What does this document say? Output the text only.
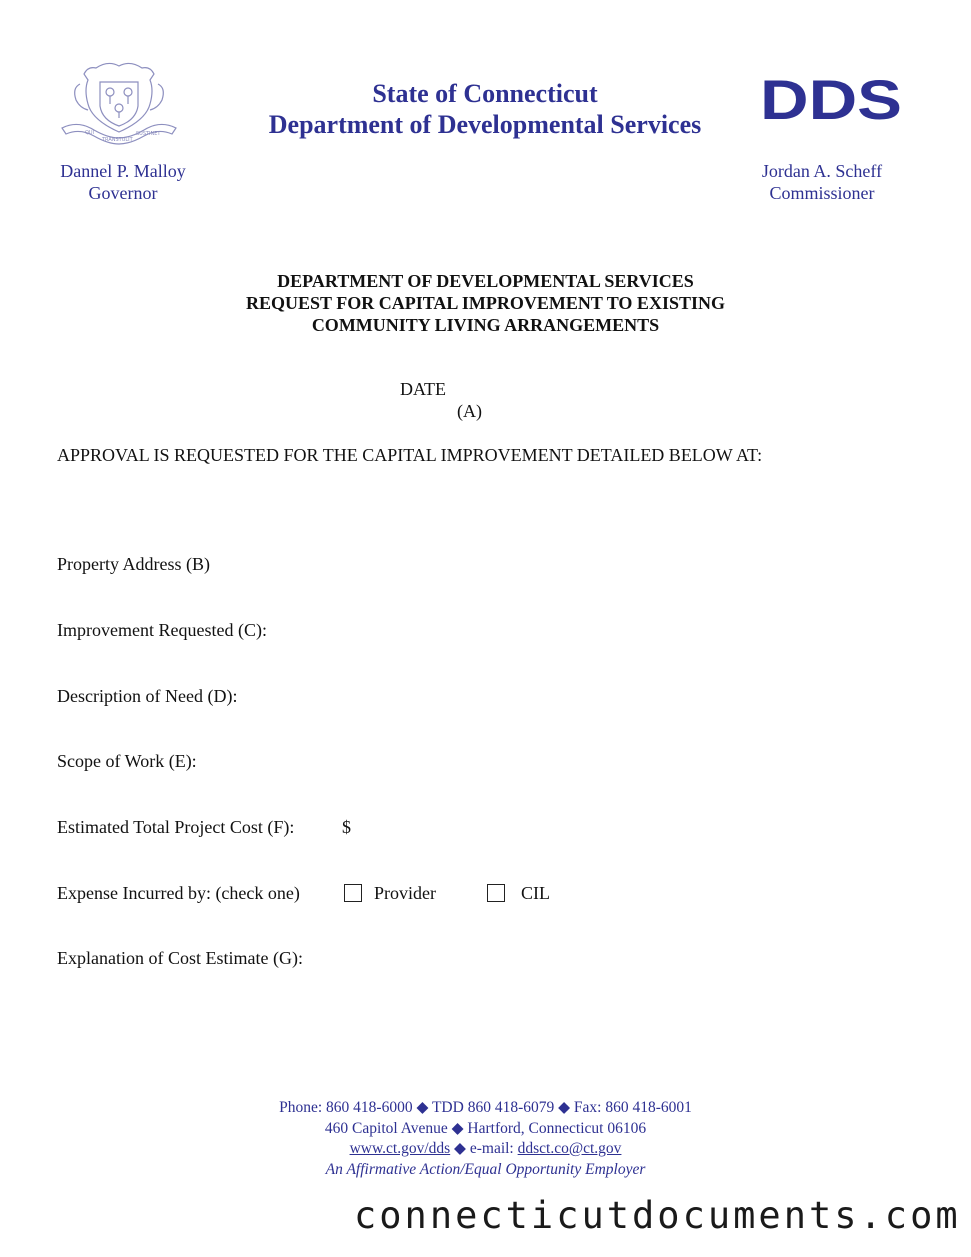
QUI
TRANSTULIT
SUSTINET
Dannel P. Malloy
Governor
State of Connecticut
Department of Developmental Services	DDS
Jordan A. Scheff
Commissioner
DEPARTMENT OF DEVELOPMENTAL SERVICES
REQUEST FOR CAPITAL IMPROVEMENT TO EXISTING
COMMUNITY LIVING ARRANGEMENTS
DATE
(A)
APPROVAL IS REQUESTED FOR THE CAPITAL IMPROVEMENT DETAILED BELOW AT:
Property Address (B)
Improvement Requested (C):
Description of Need (D):
Scope of Work (E):
Estimated Total Project Cost (F):	$
Expense Incurred by: (check one)	Provider	CIL
Explanation of Cost Estimate (G):
Phone: 860 418-6000 ◆ TDD 860 418-6079 ◆ Fax: 860 418-6001
460 Capitol Avenue ◆ Hartford, Connecticut 06106
www.ct.gov/dds ◆ e-mail: ddsct.co@ct.gov
An Affirmative Action/Equal Opportunity Employer
connecticutdocuments.com
